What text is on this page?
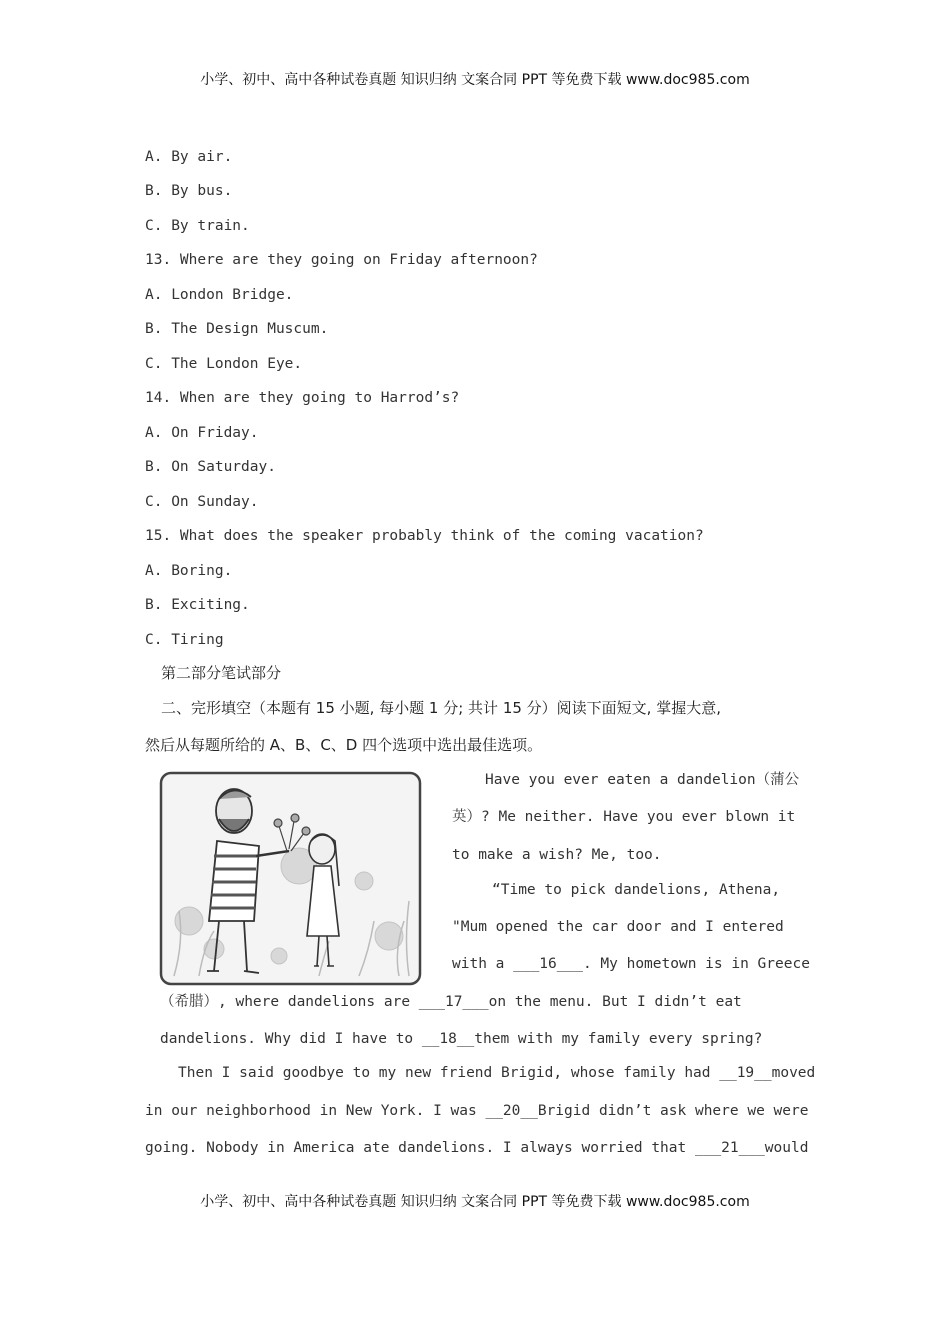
小学、初中、高中各种试卷真题 知识归纳 文案合同 PPT 等免费下载 www.doc985.com
A. By air.
B. By bus.
C. By train.
13. Where are they going on Friday afternoon?
A. London Bridge.
B. The Design Muscum.
C. The London Eye.
14. When are they going to Harrod’s?
A. On Friday.
B. On Saturday.
C. On Sunday.
15. What does the speaker probably think of the coming vacation?
A. Boring.
B. Exciting.
C. Tiring
第二部分笔试部分
二、完形填空（本题有 15 小题, 每小题 1 分; 共计 15 分）阅读下面短文, 掌握大意,
然后从每题所给的 A、B、C、D 四个选项中选出最佳选项。
Have you ever eaten a dandelion（蒲公
英）? Me neither. Have you ever blown it
to make a wish? Me, too.
“Time to pick dandelions, Athena,
"Mum opened the car door and I entered
with a ___16___. My hometown is in Greece
（希腊）, where dandelions are ___17___on the menu. But I didn’t eat
dandelions. Why did I have to __18__them with my family every spring?
Then I said goodbye to my new friend Brigid, whose family had __19__moved
in our neighborhood in New York. I was __20__Brigid didn’t ask where we were
going. Nobody in America ate dandelions. I always worried that ___21___would
小学、初中、高中各种试卷真题 知识归纳 文案合同 PPT 等免费下载 www.doc985.com
